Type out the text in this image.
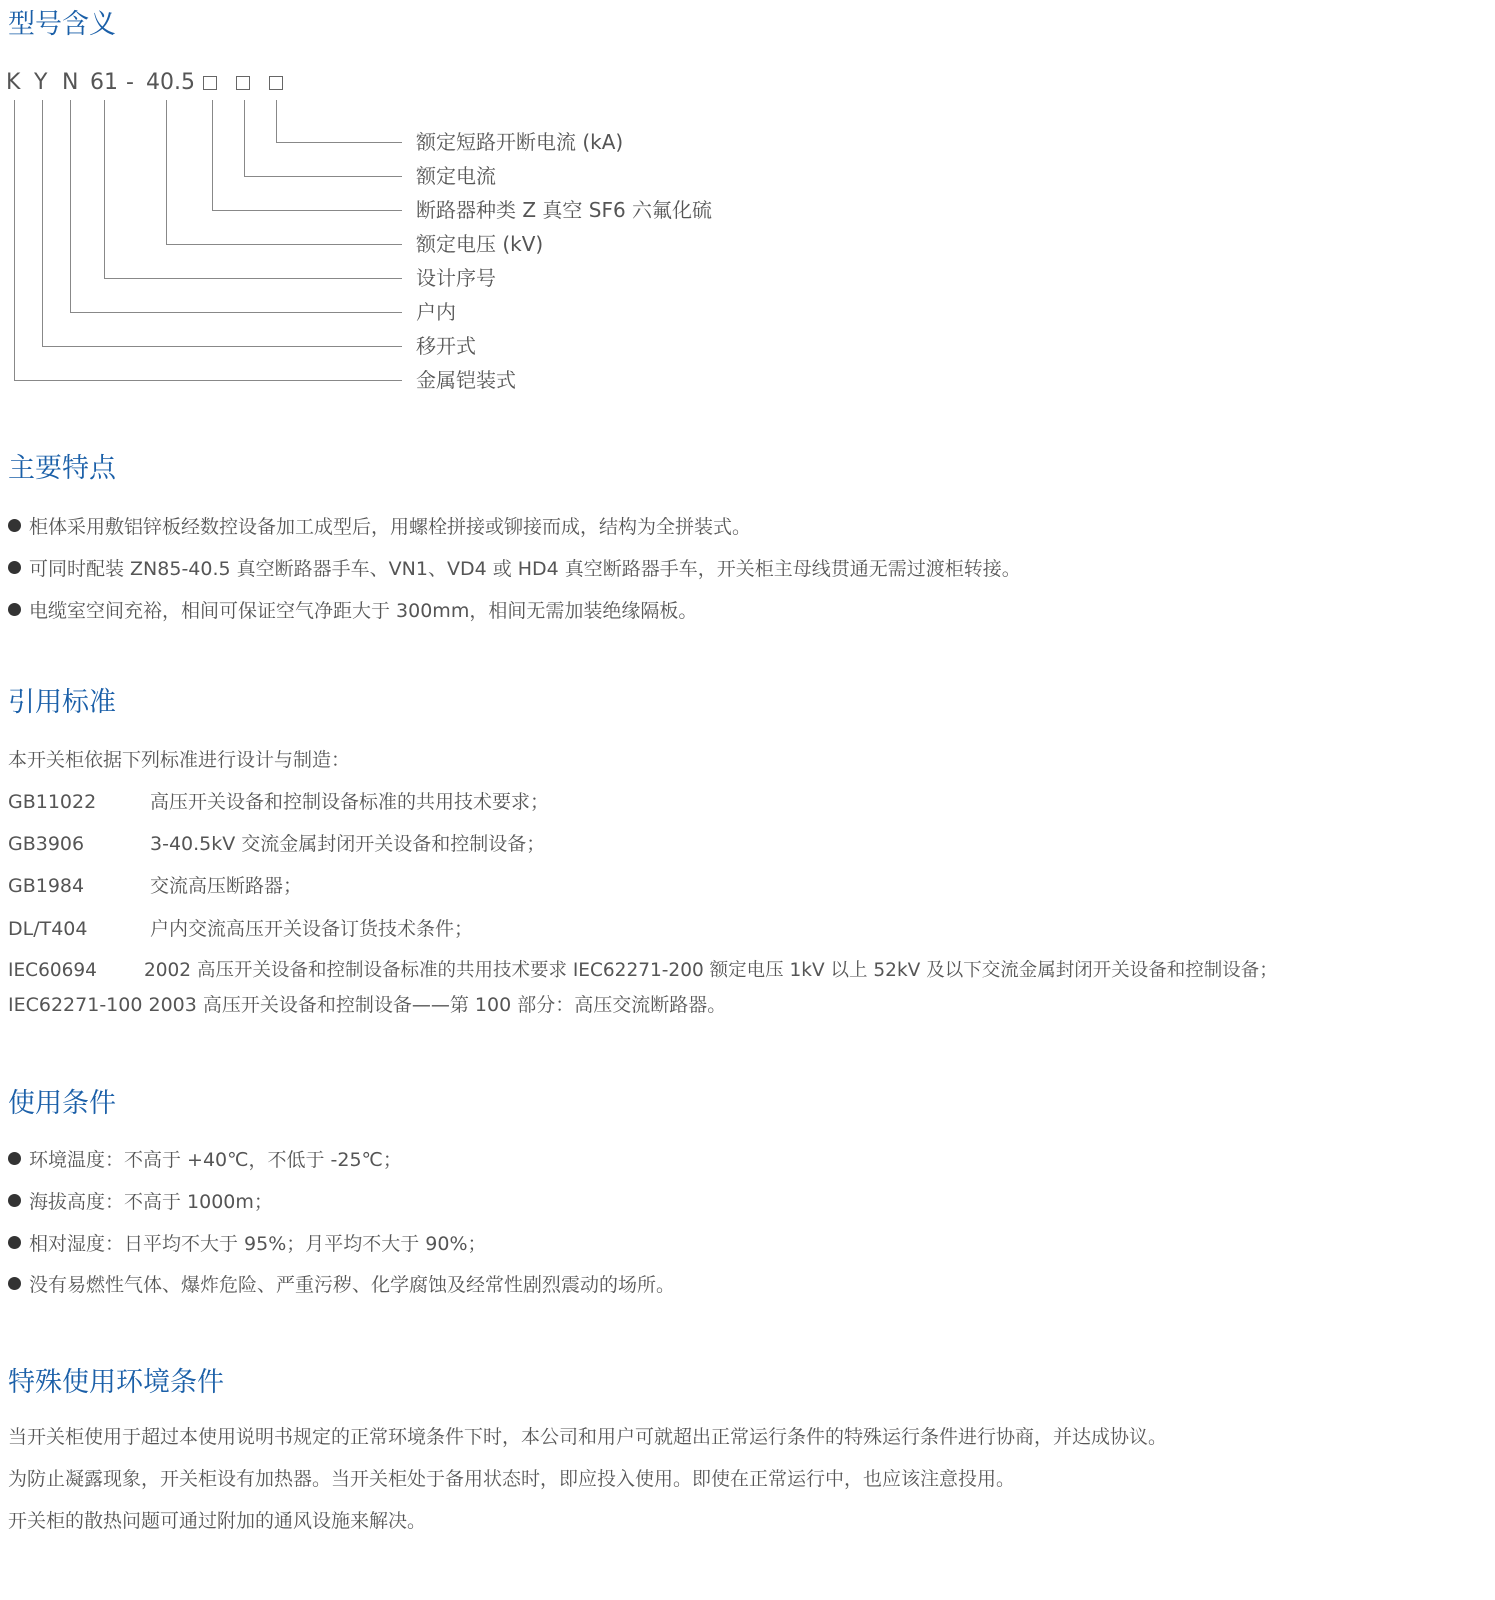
型号含义
K Y N 61 - 40.5
额定短路开断电流 (kA)
额定电流
断路器种类 Z 真空 SF6 六氟化硫
额定电压 (kV)
设计序号
户内
移开式
金属铠装式
主要特点
柜体采用敷铝锌板经数控设备加工成型后，用螺栓拼接或铆接而成，结构为全拼装式。
可同时配装 ZN85-40.5 真空断路器手车、VN1、VD4 或 HD4 真空断路器手车，开关柜主母线贯通无需过渡柜转接。
电缆室空间充裕，相间可保证空气净距大于 300mm，相间无需加装绝缘隔板。
引用标准
本开关柜依据下列标准进行设计与制造：
GB11022	高压开关设备和控制设备标准的共用技术要求；
GB3906	3-40.5kV 交流金属封闭开关设备和控制设备；
GB1984	交流高压断路器；
DL/T404	户内交流高压开关设备订货技术条件；
IEC60694	2002 高压开关设备和控制设备标准的共用技术要求 IEC62271-200 额定电压 1kV 以上 52kV 及以下交流金属封闭开关设备和控制设备；
IEC62271-100 2003 高压开关设备和控制设备——第 100 部分：高压交流断路器。
使用条件
环境温度：不高于 +40℃，不低于 -25℃；
海拔高度：不高于 1000m；
相对湿度：日平均不大于 95%；月平均不大于 90%；
没有易燃性气体、爆炸危险、严重污秽、化学腐蚀及经常性剧烈震动的场所。
特殊使用环境条件
当开关柜使用于超过本使用说明书规定的正常环境条件下时，本公司和用户可就超出正常运行条件的特殊运行条件进行协商，并达成协议。
为防止凝露现象，开关柜设有加热器。当开关柜处于备用状态时，即应投入使用。即使在正常运行中，也应该注意投用。
开关柜的散热问题可通过附加的通风设施来解决。
